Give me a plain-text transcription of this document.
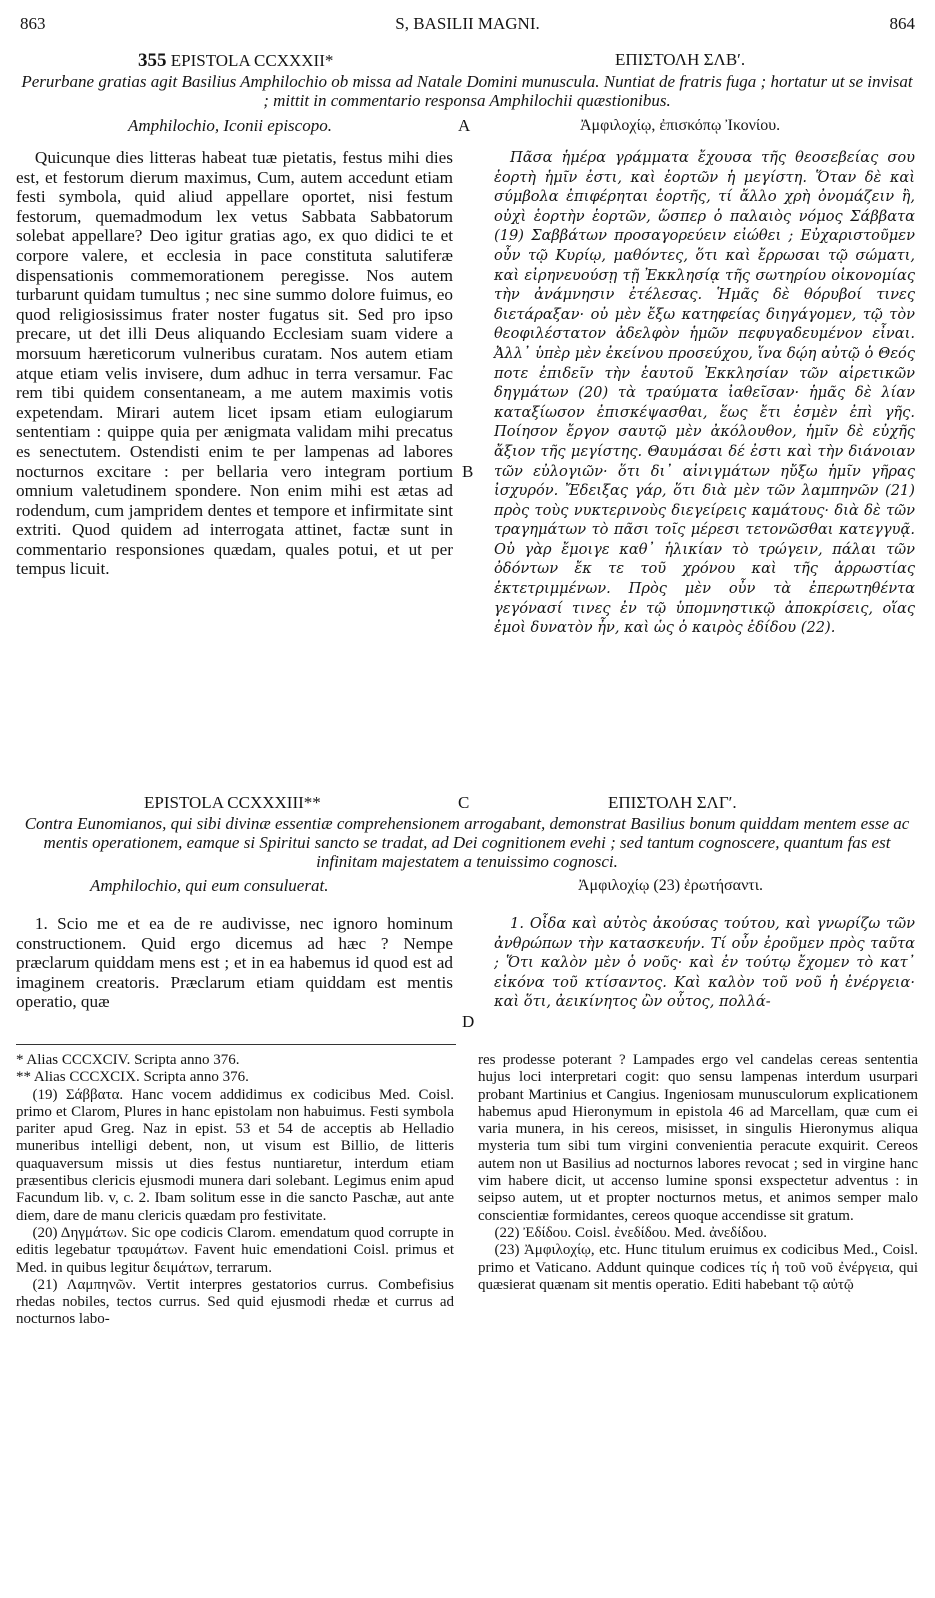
863	S, BASILII MAGNI.	864
355 EPISTOLA CCXXXII*	ΕΠΙΣΤΟΛΗ ΣΛΒʹ.
Perurbane gratias agit Basilius Amphilochio ob missa ad Natale Domini munuscula. Nuntiat de fratris fuga ; hortatur ut se invisat ; mittit in commentario responsa Amphilochii quæstionibus.
Amphilochio, Iconii episcopo.	A	Ἀμφιλοχίῳ, ἐπισκόπῳ Ἰκονίου.

Quicunque dies litteras habeat tuæ pietatis, festus mihi dies est, et festorum dierum maximus, Cum, autem accedunt etiam festi symbola, quid aliud appellare oportet, nisi festum festorum, quemadmodum lex vetus Sabbata Sabbatorum solebat appellare? Deo igitur gratias ago, ex quo didici te et corpore valere, et ecclesia in pace constituta salutiferæ dispensationis commemorationem peregisse. Nos autem turbarunt quidam tumultus ; nec sine summo dolore fuimus, eo quod religiosissimus frater noster fugatus sit. Sed pro ipso precare, ut det illi Deus aliquando Ecclesiam suam videre a morsuum hæreticorum vulneribus curatam. Nos autem etiam atque etiam velis invisere, dum adhuc in terra versamur. Fac rem tibi quidem consentaneam, a me autem maximis votis expetendam. Mirari autem licet ipsam etiam eulogiarum sententiam : quippe quia per ænigmata validam mihi precatus es senectutem. Ostendisti enim te per lampenas ad labores nocturnos excitare : per bellaria vero integram portium omnium valetudinem spondere. Non enim mihi est ætas ad rodendum, cum jampridem dentes et tempore et infirmitate sint extriti. Quod quidem ad interrogata attinet, factæ sunt in commentario responsiones quædam, quales potui, et ut per tempus licuit.

Πᾶσα ἡμέρα γράμματα ἔχουσα τῆς θεοσεβείας σου ἑορτὴ ἡμῖν ἐστι, καὶ ἑορτῶν ἡ μεγίστη. Ὅταν δὲ καὶ σύμβολα ἐπιφέρηται ἑορτῆς, τί ἄλλο χρὴ ὀνομάζειν ἢ, οὐχὶ ἑορτὴν ἑορτῶν, ὥσπερ ὁ παλαιὸς νόμος Σάββατα (19) Σαββάτων προσαγορεύειν εἰώθει ; Εὐχαριστοῦμεν οὖν τῷ Κυρίῳ, μαθόντες, ὅτι καὶ ἔρρωσαι τῷ σώματι, καὶ εἰρηνευούσῃ τῇ Ἐκκλησίᾳ τῆς σωτηρίου οἰκονομίας τὴν ἀνάμνησιν ἐτέλεσας. Ἡμᾶς δὲ θόρυβοί τινες διετάραξαν· οὐ μὲν ἔξω κατηφείας διηγάγομεν, τῷ τὸν θεοφιλέστατον ἀδελφὸν ἡμῶν πεφυγαδευμένον εἶναι. Ἀλλ᾽ ὑπὲρ μὲν ἐκείνου προσεύχου, ἵνα δῴη αὐτῷ ὁ Θεός ποτε ἐπιδεῖν τὴν ἑαυτοῦ Ἐκκλησίαν τῶν αἱρετικῶν δηγμάτων (20) τὰ τραύματα ἰαθεῖσαν· ἡμᾶς δὲ λίαν καταξίωσον ἐπισκέψασθαι, ἕως ἔτι ἐσμὲν ἐπὶ γῆς. Ποίησον ἔργον σαυτῷ μὲν ἀκόλουθον, ἡμῖν δὲ εὐχῆς ἄξιον τῆς μεγίστης. Θαυμάσαι δέ ἐστι καὶ τὴν διάνοιαν τῶν εὐλογιῶν· ὅτι δι᾽ αἰνιγμάτων ηὔξω ἡμῖν γῆρας ἰσχυρόν. Ἔδειξας γάρ, ὅτι διὰ μὲν τῶν λαμπηνῶν (21) πρὸς τοὺς νυκτερινοὺς διεγείρεις καμάτους· διὰ δὲ τῶν τραγημάτων τὸ πᾶσι τοῖς μέρεσι τετονῶσθαι κατεγγυᾷ. Οὐ γὰρ ἔμοιγε καθ᾽ ἡλικίαν τὸ τρώγειν, πάλαι τῶν ὀδόντων ἔκ τε τοῦ χρόνου καὶ τῆς ἀρρωστίας ἐκτετριμμένων. Πρὸς μὲν οὖν τὰ ἐπερωτηθέντα γεγόνασί τινες ἐν τῷ ὑπομνηστικῷ ἀποκρίσεις, οἵας ἐμοὶ δυνατὸν ἦν, καὶ ὡς ὁ καιρὸς ἐδίδου (22).

B
EPISTOLA CCXXXIII**	C	ΕΠΙΣΤΟΛΗ ΣΛΓʹ.
Contra Eunomianos, qui sibi divinæ essentiæ comprehensionem arrogabant, demonstrat Basilius bonum quiddam mentem esse ac mentis operationem, eamque si Spiritui sancto se tradat, ad Dei cognitionem evehi ; sed tantum cognoscere, quantum fas est infinitam majestatem a tenuissimo cognosci.
Amphilochio, qui eum consuluerat.	Ἀμφιλοχίῳ (23) ἐρωτήσαντι.

1. Scio me et ea de re audivisse, nec ignoro hominum constructionem. Quid ergo dicemus ad hæc ? Nempe præclarum quiddam mens est ; et in ea habemus id quod est ad imaginem creatoris. Præclarum etiam quiddam est mentis operatio, quæ

1. Οἶδα καὶ αὐτὸς ἀκούσας τούτου, καὶ γνωρίζω τῶν ἀνθρώπων τὴν κατασκευήν. Τί οὖν ἐροῦμεν πρὸς ταῦτα ; Ὅτι καλὸν μὲν ὁ νοῦς· καὶ ἐν τούτῳ ἔχομεν τὸ κατ᾽ εἰκόνα τοῦ κτίσαντος. Καὶ καλὸν τοῦ νοῦ ἡ ἐνέργεια· καὶ ὅτι, ἀεικίνητος ὢν οὗτος, πολλά-

D

* Alias CCCXCIV. Scripta anno 376.

** Alias CCCXCIX. Scripta anno 376.

(19) Σάββατα. Hanc vocem addidimus ex codicibus Med. Coisl. primo et Clarom, Plures in hanc epistolam non habuimus. Festi symbola pariter apud Greg. Naz in epist. 53 et 54 de acceptis ab Helladio muneribus intelligi debent, non, ut visum est Billio, de litteris quaquaversum missis ut dies festus nuntiaretur, interdum etiam præsentibus clericis ejusmodi munera dari solebant. Legimus enim apud Facundum lib. v, c. 2. Ibam solitum esse in die sancto Paschæ, aut ante diem, dare de manu clericis quædam pro festivitate.

(20) Δηγμάτων. Sic ope codicis Clarom. emendatum quod corrupte in editis legebatur τραυμάτων. Favent huic emendationi Coisl. primus et Med. in quibus legitur δειμάτων, terrarum.

(21) Λαμπηνῶν. Vertit interpres gestatorios currus. Combefisius rhedas nobiles, tectos currus. Sed quid ejusmodi rhedæ et currus ad nocturnos labo-

res prodesse poterant ? Lampades ergo vel candelas cereas sententia hujus loci interpretari cogit: quo sensu lampenas interdum usurpari probant Martinius et Cangius. Ingeniosam munusculorum explicationem habemus apud Hieronymum in epistola 46 ad Marcellam, quæ cum ei varia munera, in his cereos, misisset, in singulis Hieronymus aliqua mysteria tum sibi tum virgini convenientia peracute exquirit. Cereos autem non ut Basilius ad nocturnos labores revocat ; sed in virgine hanc vim habere dicit, ut accenso lumine sponsi exspectetur adventus : in seipso autem, ut et propter nocturnos metus, et animos semper malo conscientiæ formidantes, cereos quoque accendisse sit gratum.

(22) Ἐδίδου. Coisl. ἐνεδίδου. Med. ἀνεδίδου.

(23) Ἀμφιλοχίῳ, etc. Hunc titulum eruimus ex codicibus Med., Coisl. primo et Vaticano. Addunt quinque codices τίς ἡ τοῦ νοῦ ἐνέργεια, qui quæsierat quænam sit mentis operatio. Editi habebant τῷ αὐτῷ
